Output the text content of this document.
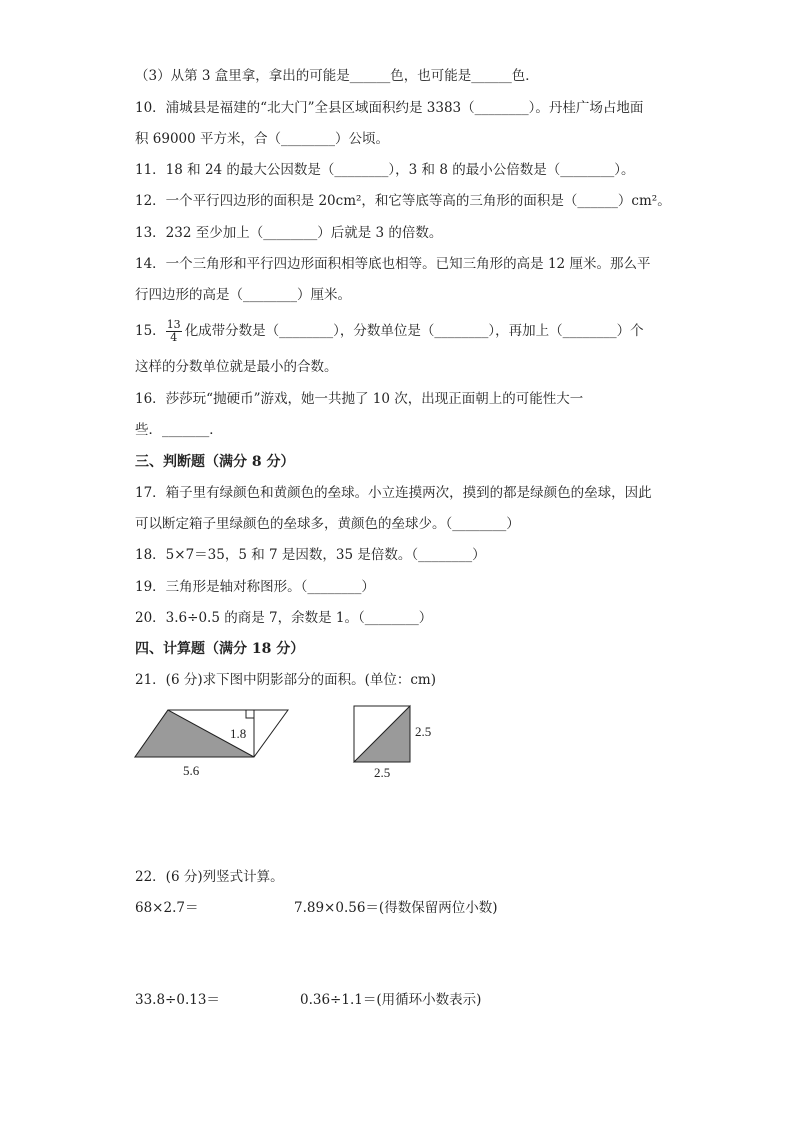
（3）从第 3 盒里拿，拿出的可能是______色，也可能是______色．
10．浦城县是福建的“北大门”全县区域面积约是 3383（________）。丹桂广场占地面
积 69000 平方米，合（________）公顷。
11．18 和 24 的最大公因数是（________），3 和 8 的最小公倍数是（________）。
12．一个平行四边形的面积是 20cm²，和它等底等高的三角形的面积是（______）cm²。
13．232 至少加上（________）后就是 3 的倍数。
14．一个三角形和平行四边形面积相等底也相等。已知三角形的高是 12 厘米。那么平
行四边形的高是（________）厘米。
15． $\frac{13}{4}$ 化成带分数是（________），分数单位是（________），再加上（________）个
这样的分数单位就是最小的合数。
16．莎莎玩“抛硬币”游戏，她一共抛了 10 次，出现正面朝上的可能性大一
些．_______．
三、判断题（满分 8 分）
17．箱子里有绿颜色和黄颜色的垒球。小立连摸两次，摸到的都是绿颜色的垒球，因此
可以断定箱子里绿颜色的垒球多，黄颜色的垒球少。（________）
18．5×7＝35，5 和 7 是因数，35 是倍数。（________）
19．三角形是轴对称图形。（________）
20．3.6÷0.5 的商是 7，余数是 1。（________）
四、计算题（满分 18 分）
21．(6 分)求下图中阴影部分的面积。(单位：cm)
1.8
5.6
2.5
2.5
22．(6 分)列竖式计算。
68×2.7＝	7.89×0.56＝(得数保留两位小数)
33.8÷0.13＝	0.36÷1.1＝(用循环小数表示)
